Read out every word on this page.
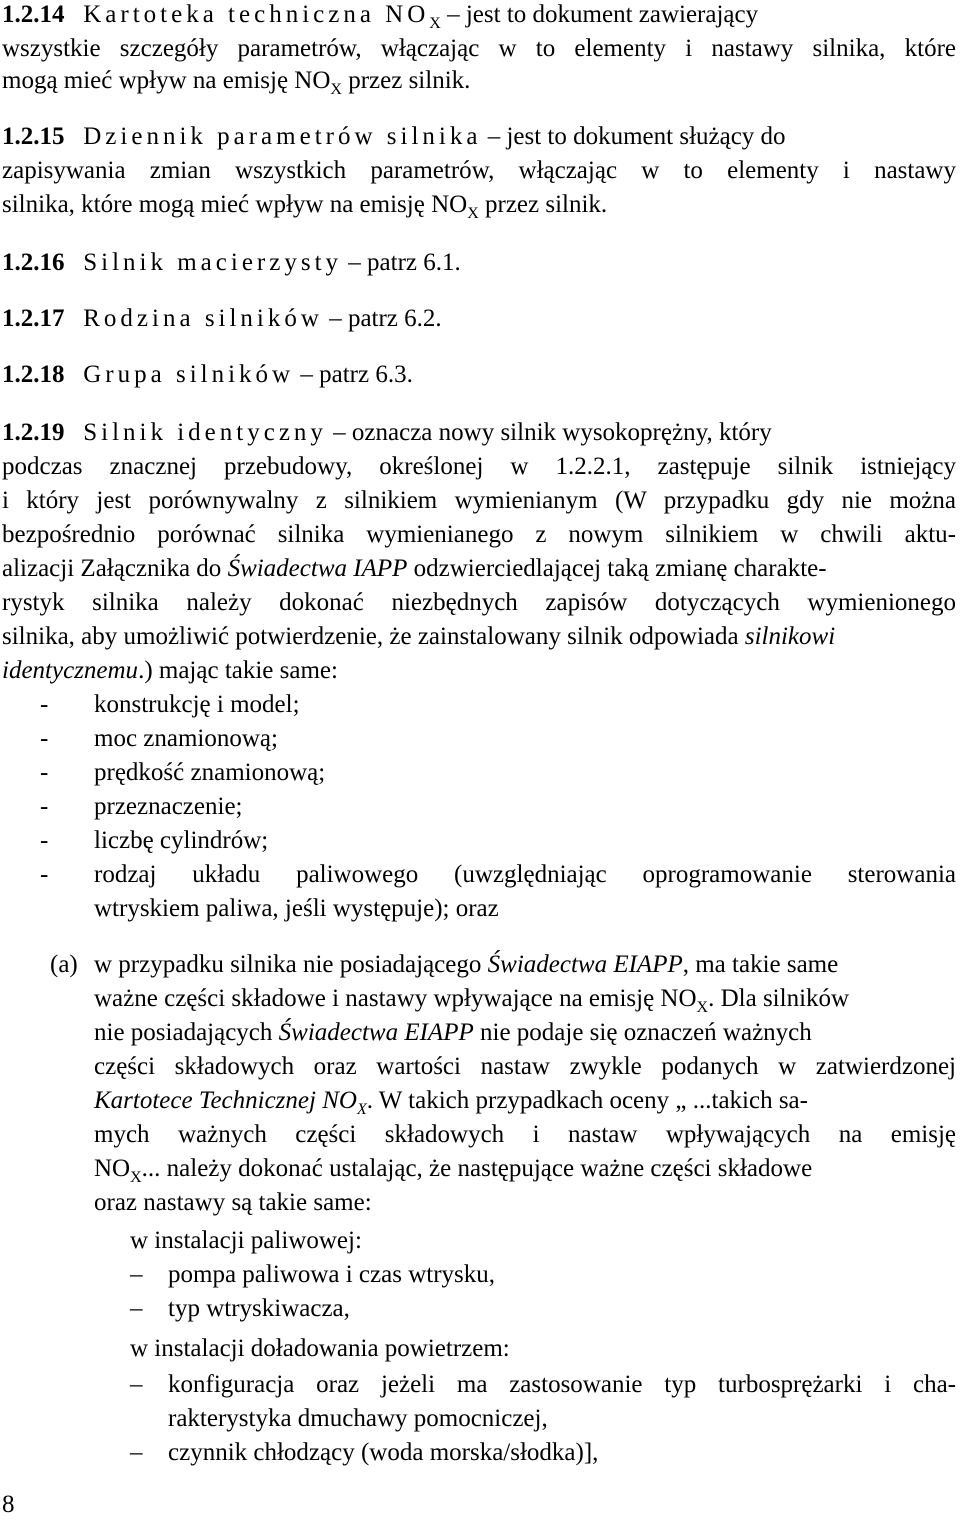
1.2.14 Kartoteka techniczna $NO_X$ – jest to dokument zawierający
wszystkie szczegóły parametrów, włączając w to elementy i nastawy silnika, które
mogą mieć wpływ na emisję $NO_X$ przez silnik.
1.2.15 Dziennik parametrów silnika – jest to dokument służący do
zapisywania zmian wszystkich parametrów, włączając w to elementy i nastawy
silnika, które mogą mieć wpływ na emisję $NO_X$ przez silnik.
1.2.16 Silnik macierzysty – patrz 6.1.
1.2.17 Rodzina silników – patrz 6.2.
1.2.18 Grupa silników – patrz 6.3.
1.2.19 Silnik identyczny – oznacza nowy silnik wysokoprężny, który
podczas znacznej przebudowy, określonej w 1.2.2.1, zastępuje silnik istniejący
i który jest porównywalny z silnikiem wymienianym (W przypadku gdy nie można
bezpośrednio porównać silnika wymienianego z nowym silnikiem w chwili aktu-
alizacji Załącznika do Świadectwa IAPP odzwierciedlającej taką zmianę charakte-
rystyk silnika należy dokonać niezbędnych zapisów dotyczących wymienionego
silnika, aby umożliwić potwierdzenie, że zainstalowany silnik odpowiada silnikowi
identycznemu.) mając takie same:
- konstrukcję i model;
- moc znamionową;
- prędkość znamionową;
- przeznaczenie;
- liczbę cylindrów;
- rodzaj układu paliwowego (uwzględniając oprogramowanie sterowania
wtryskiem paliwa, jeśli występuje); oraz
(a) w przypadku silnika nie posiadającego Świadectwa EIAPP, ma takie same
ważne części składowe i nastawy wpływające na emisję $NO_X$. Dla silników
nie posiadających Świadectwa EIAPP nie podaje się oznaczeń ważnych
części składowych oraz wartości nastaw zwykle podanych w zatwierdzonej
Kartotece Technicznej $NO_X$. W takich przypadkach oceny „ ...takich sa-
mych ważnych części składowych i nastaw wpływających na emisję
$NO_X$... należy dokonać ustalając, że następujące ważne części składowe
oraz nastawy są takie same:
w instalacji paliwowej:
– pompa paliwowa i czas wtrysku,
– typ wtryskiwacza,
w instalacji doładowania powietrzem:
– konfiguracja oraz jeżeli ma zastosowanie typ turbosprężarki i cha-
rakterystyka dmuchawy pomocniczej,
– czynnik chłodzący (woda morska/słodka)],
8
